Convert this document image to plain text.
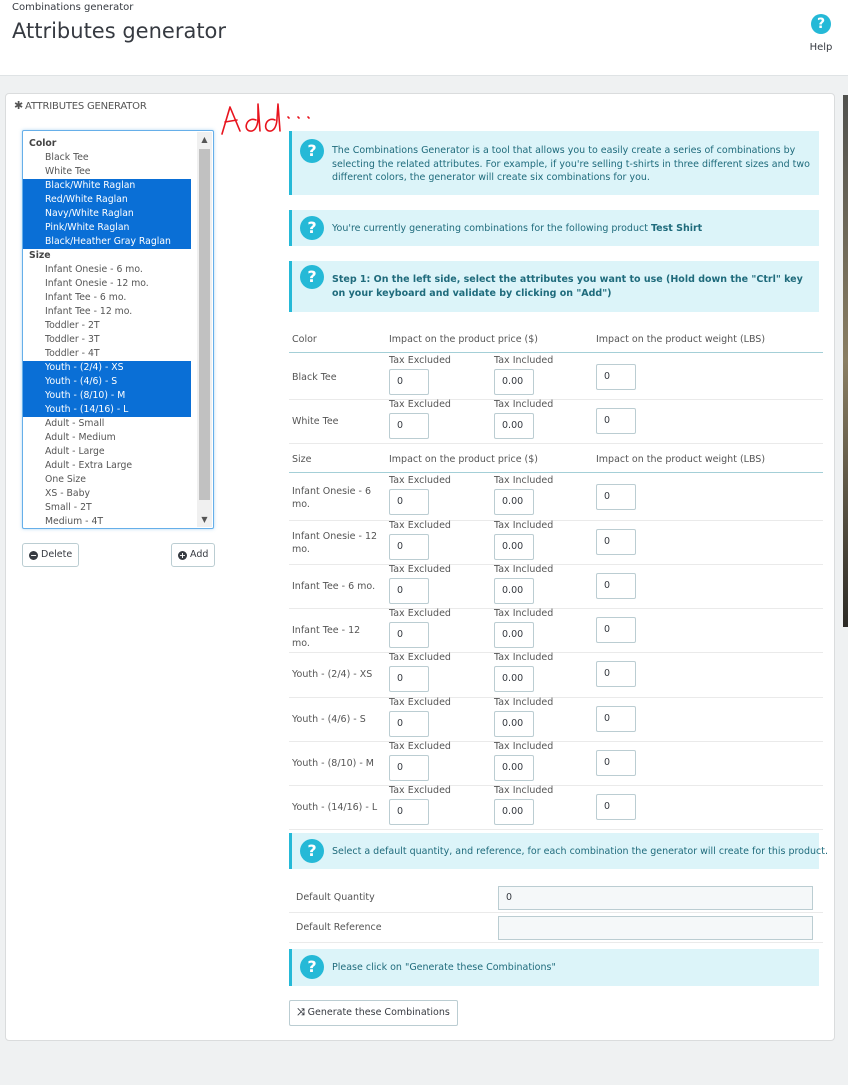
Combinations generator
Attributes generator	?
Help
✱ ATTRIBUTES GENERATOR
Color
Black Tee
White Tee
Black/White Raglan
Red/White Raglan
Navy/White Raglan
Pink/White Raglan
Black/Heather Gray Raglan
Size
Infant Onesie - 6 mo.
Infant Onesie - 12 mo.
Infant Tee - 6 mo.
Infant Tee - 12 mo.
Toddler - 2T
Toddler - 3T
Toddler - 4T
Youth - (2/4) - XS
Youth - (4/6) - S
Youth - (8/10) - M
Youth - (14/16) - L
Adult - Small
Adult - Medium
Adult - Large
Adult - Extra Large
One Size
XS - Baby
Small - 2T
Medium - 4T
▲
▼
− Delete	+ Add
?	The Combinations Generator is a tool that allows you to easily create a series of combinations by selecting the related attributes. For example, if you're selling t-shirts in three different sizes and two different colors, the generator will create six combinations for you.
?	You're currently generating combinations for the following product Test Shirt
?	Step 1: On the left side, select the attributes you want to use (Hold down the "Ctrl" key on your keyboard and validate by clicking on "Add")
Color	Impact on the product price ($)	Impact on the product weight (LBS)
Black Tee
Tax Excluded	Tax Included
0	0.00	0
White Tee
Tax Excluded	Tax Included
0	0.00	0
Size	Impact on the product price ($)	Impact on the product weight (LBS)
Infant Onesie - 6 mo.
Tax Excluded	Tax Included
0	0.00	0
Infant Onesie - 12 mo.
Tax Excluded	Tax Included
0	0.00	0
Infant Tee - 6 mo.
Tax Excluded	Tax Included
0	0.00	0
Infant Tee - 12 mo.
Tax Excluded	Tax Included
0	0.00	0
Youth - (2/4) - XS
Tax Excluded	Tax Included
0	0.00	0
Youth - (4/6) - S
Tax Excluded	Tax Included
0	0.00	0
Youth - (8/10) - M
Tax Excluded	Tax Included
0	0.00	0
Youth - (14/16) - L
Tax Excluded	Tax Included
0	0.00	0
?	Select a default quantity, and reference, for each combination the generator will create for this product.
Default Quantity	0
Default Reference
?	Please click on "Generate these Combinations"
⤨ Generate these Combinations
